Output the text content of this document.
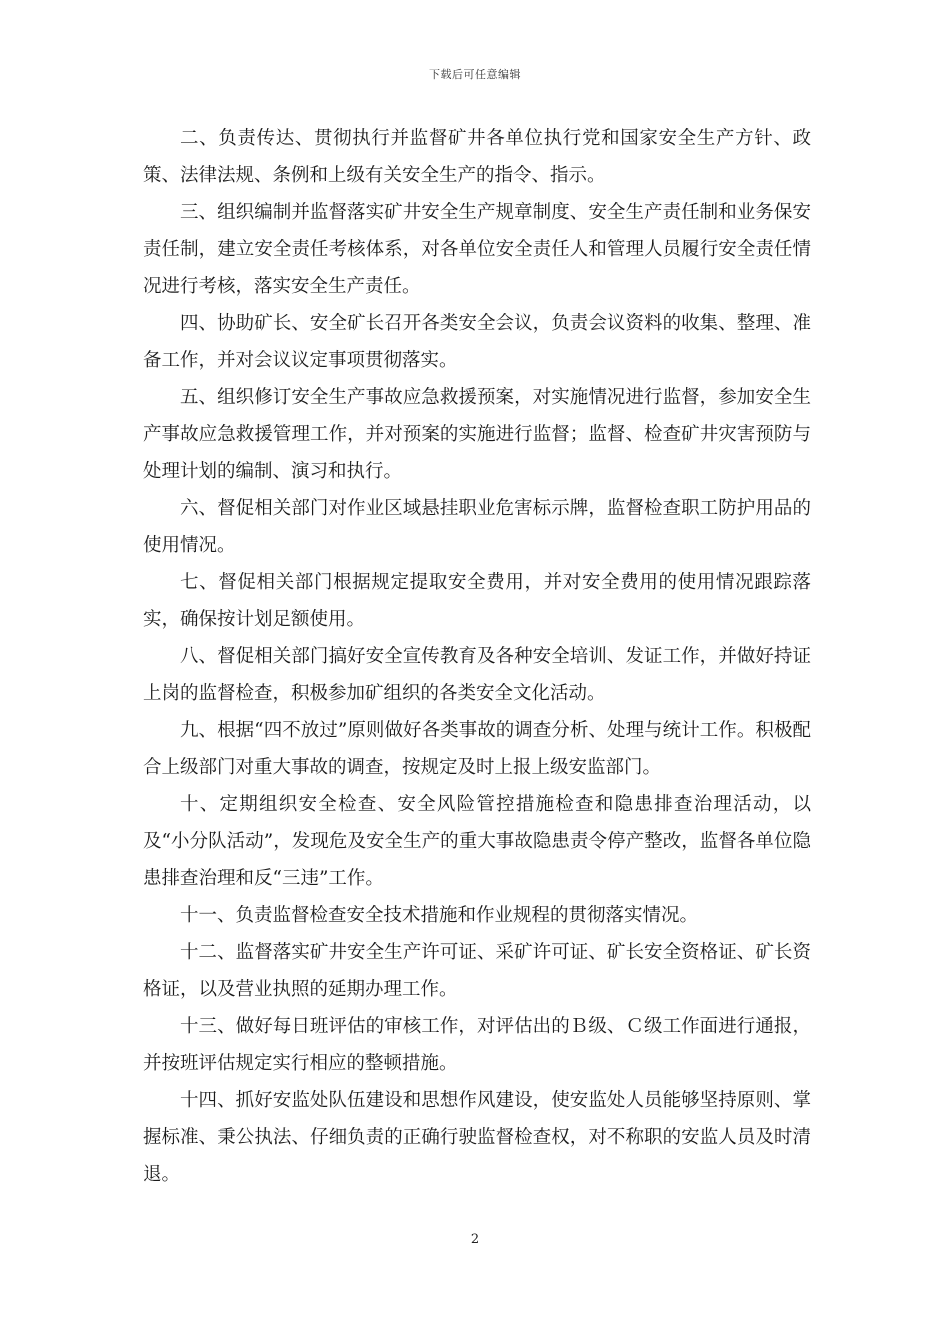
下载后可任意编辑

二、负责传达、贯彻执行并监督矿井各单位执行党和国家安全生产方针、政策、法律法规、条例和上级有关安全生产的指令、指示。

三、组织编制并监督落实矿井安全生产规章制度、安全生产责任制和业务保安责任制，建立安全责任考核体系，对各单位安全责任人和管理人员履行安全责任情况进行考核，落实安全生产责任。

四、协助矿长、安全矿长召开各类安全会议，负责会议资料的收集、整理、准备工作，并对会议议定事项贯彻落实。

五、组织修订安全生产事故应急救援预案，对实施情况进行监督，参加安全生产事故应急救援管理工作，并对预案的实施进行监督；监督、检查矿井灾害预防与处理计划的编制、演习和执行。

六、督促相关部门对作业区域悬挂职业危害标示牌，监督检查职工防护用品的使用情况。

七、督促相关部门根据规定提取安全费用，并对安全费用的使用情况跟踪落实，确保按计划足额使用。

八、督促相关部门搞好安全宣传教育及各种安全培训、发证工作，并做好持证上岗的监督检查，积极参加矿组织的各类安全文化活动。

九、根据“四不放过”原则做好各类事故的调查分析、处理与统计工作。积极配合上级部门对重大事故的调查，按规定及时上报上级安监部门。

十、定期组织安全检查、安全风险管控措施检查和隐患排查治理活动，以及“小分队活动”，发现危及安全生产的重大事故隐患责令停产整改，监督各单位隐患排查治理和反“三违”工作。

十一、负责监督检查安全技术措施和作业规程的贯彻落实情况。

十二、监督落实矿井安全生产许可证、采矿许可证、矿长安全资格证、矿长资格证，以及营业执照的延期办理工作。

十三、做好每日班评估的审核工作，对评估出的Ｂ级、Ｃ级工作面进行通报，并按班评估规定实行相应的整顿措施。

十四、抓好安监处队伍建设和思想作风建设，使安监处人员能够坚持原则、掌握标准、秉公执法、仔细负责的正确行驶监督检查权，对不称职的安监人员及时清退。

2
